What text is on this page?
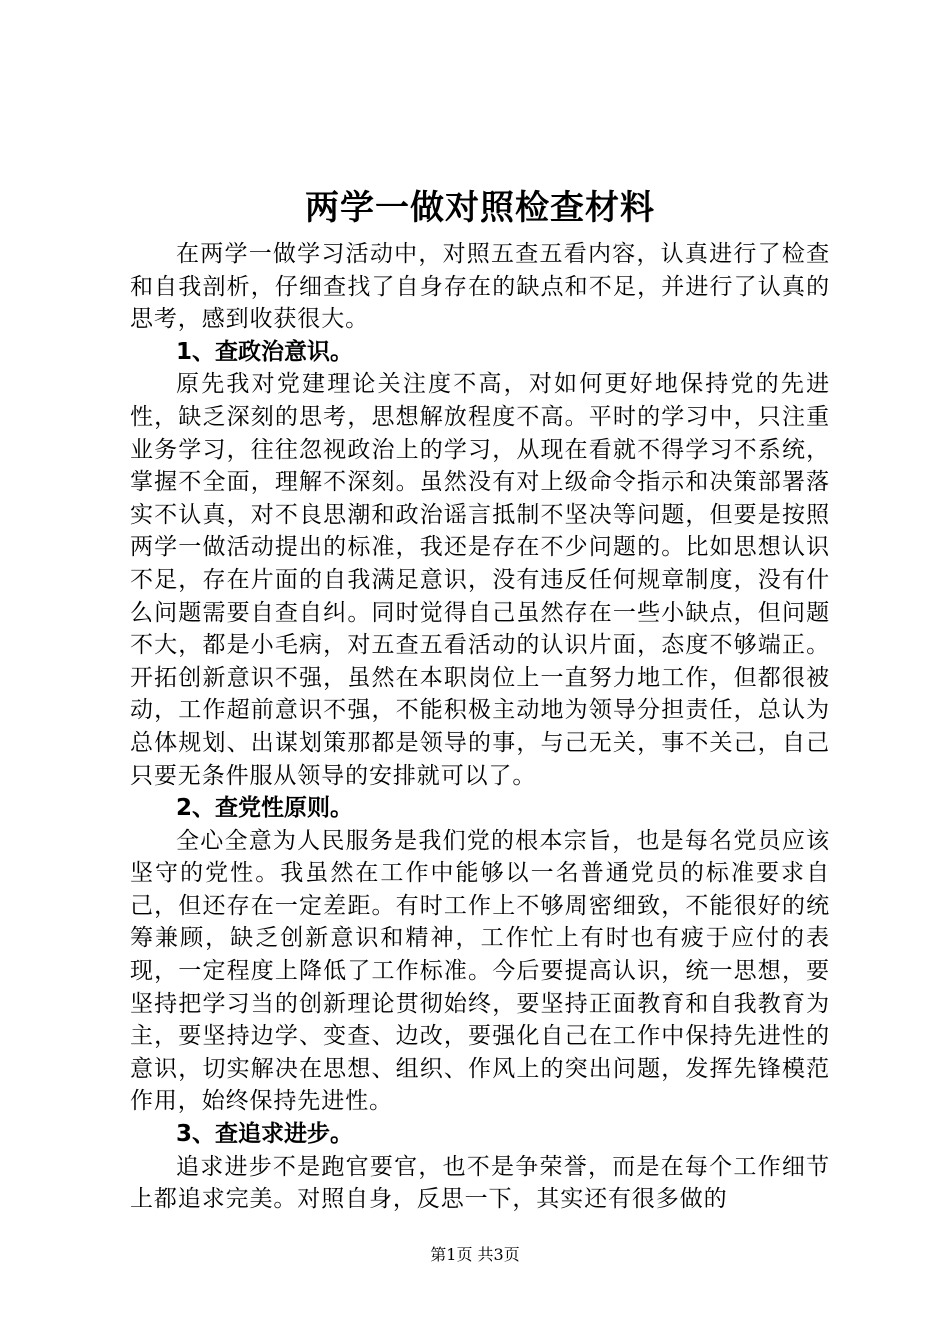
两学一做对照检查材料

在两学一做学习活动中，对照五查五看内容，认真进行了检查和自我剖析，仔细查找了自身存在的缺点和不足，并进行了认真的思考，感到收获很大。

1、查政治意识。

原先我对党建理论关注度不高，对如何更好地保持党的先进性，缺乏深刻的思考，思想解放程度不高。平时的学习中，只注重业务学习，往往忽视政治上的学习，从现在看就不得学习不系统，掌握不全面，理解不深刻。虽然没有对上级命令指示和决策部署落实不认真，对不良思潮和政治谣言抵制不坚决等问题，但要是按照两学一做活动提出的标准，我还是存在不少问题的。比如思想认识不足，存在片面的自我满足意识，没有违反任何规章制度，没有什么问题需要自查自纠。同时觉得自己虽然存在一些小缺点，但问题不大，都是小毛病，对五查五看活动的认识片面，态度不够端正。开拓创新意识不强，虽然在本职岗位上一直努力地工作，但都很被动，工作超前意识不强，不能积极主动地为领导分担责任，总认为总体规划、出谋划策那都是领导的事，与己无关，事不关己，自己只要无条件服从领导的安排就可以了。

2、查党性原则。

全心全意为人民服务是我们党的根本宗旨，也是每名党员应该坚守的党性。我虽然在工作中能够以一名普通党员的标准要求自己，但还存在一定差距。有时工作上不够周密细致，不能很好的统筹兼顾，缺乏创新意识和精神，工作忙上有时也有疲于应付的表现，一定程度上降低了工作标准。今后要提高认识，统一思想，要坚持把学习当的创新理论贯彻始终，要坚持正面教育和自我教育为主，要坚持边学、变查、边改，要强化自己在工作中保持先进性的意识，切实解决在思想、组织、作风上的突出问题，发挥先锋模范作用，始终保持先进性。

3、查追求进步。

追求进步不是跑官要官，也不是争荣誉，而是在每个工作细节上都追求完美。对照自身，反思一下，其实还有很多做的

第1页 共3页
